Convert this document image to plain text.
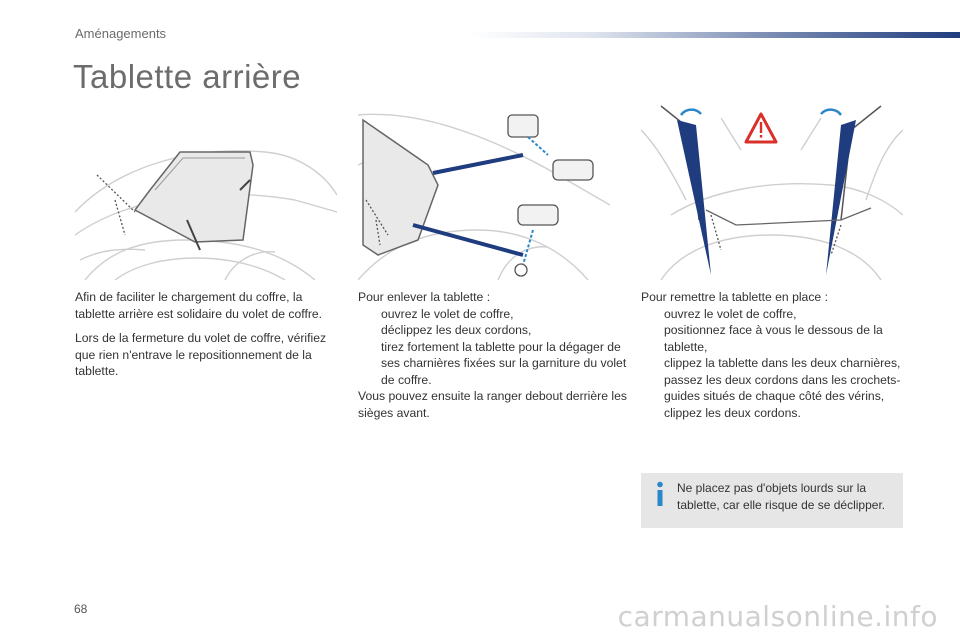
Aménagements
Tablette arrière

Afin de faciliter le chargement du coffre, la tablette arrière est solidaire du volet de coffre.

Lors de la fermeture du volet de coffre, vérifiez que rien n'entrave le repositionnement de la tablette.

Pour enlever la tablette :
ouvrez le volet de coffre,
déclippez les deux cordons,
tirez fortement la tablette pour la dégager de ses charnières fixées sur la garniture du volet de coffre.
Vous pouvez ensuite la ranger debout derrière les sièges avant.
Pour remettre la tablette en place :
ouvrez le volet de coffre,
positionnez face à vous le dessous de la tablette,
clippez la tablette dans les deux charnières,
passez les deux cordons dans les crochets-guides situés de chaque côté des vérins,
clippez les deux cordons.
Ne placez pas d'objets lourds sur la tablette, car elle risque de se déclipper.
68	carmanualsonline.info
